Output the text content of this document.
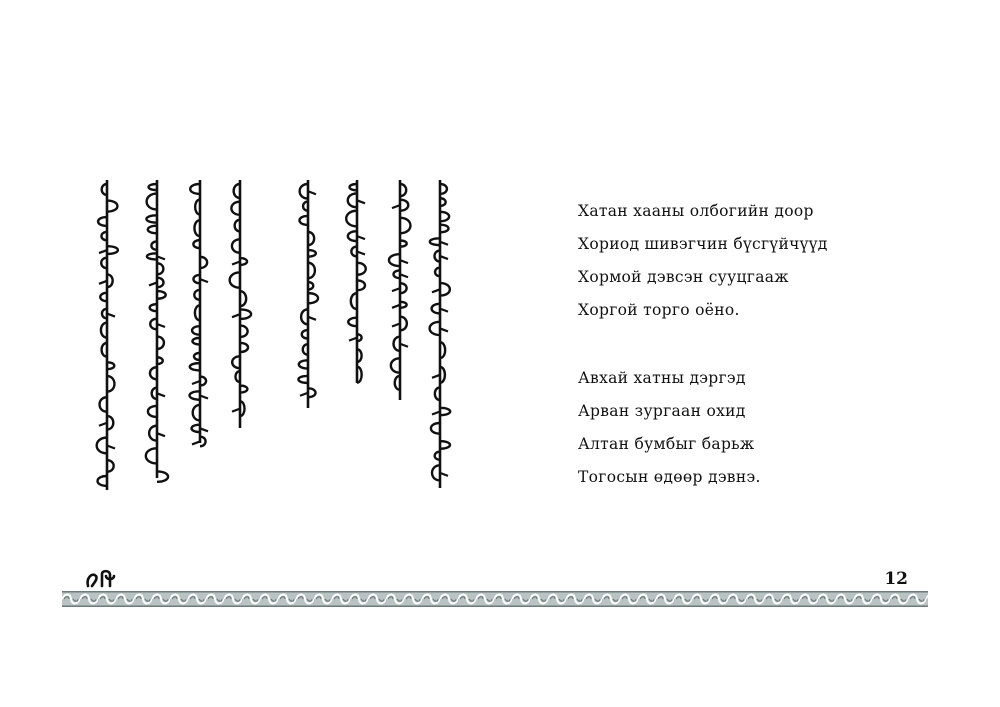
Хатан хааны олбогийн доор
Хориод шивэгчин бүсгүйчүүд
Хормой дэвсэн сууцгааж
Хоргой торго оёно.
Авхай хатны дэргэд
Арван зургаан охид
Алтан бумбыг барьж
Тогосын өдөөр дэвнэ.
12
